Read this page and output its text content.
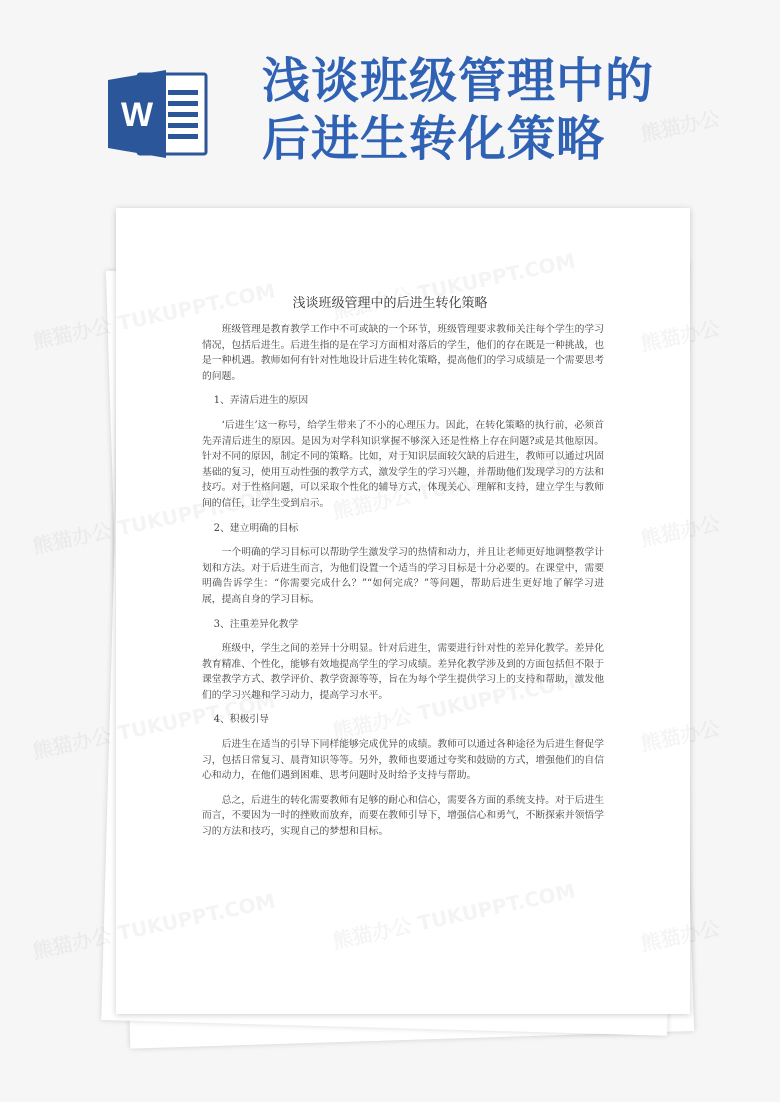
W
浅谈班级管理中的
后进生转化策略
浅谈班级管理中的后进生转化策略

班级管理是教育教学工作中不可或缺的一个环节，班级管理要求教师关注每个学生的学习情况，包括后进生。后进生指的是在学习方面相对落后的学生，他们的存在既是一种挑战，也是一种机遇。教师如何有针对性地设计后进生转化策略，提高他们的学习成绩是一个需要思考的问题。

1、弄清后进生的原因

‘后进生’这一称号，给学生带来了不小的心理压力。因此，在转化策略的执行前，必须首先弄清后进生的原因。是因为对学科知识掌握不够深入还是性格上存在问题?或是其他原因。针对不同的原因，制定不同的策略。比如，对于知识层面较欠缺的后进生，教师可以通过巩固基础的复习，使用互动性强的教学方式，激发学生的学习兴趣，并帮助他们发现学习的方法和技巧。对于性格问题，可以采取个性化的辅导方式，体现关心、理解和支持，建立学生与教师间的信任，让学生受到启示。

2、建立明确的目标

一个明确的学习目标可以帮助学生激发学习的热情和动力，并且让老师更好地调整教学计划和方法。对于后进生而言，为他们设置一个适当的学习目标是十分必要的。在课堂中，需要明确告诉学生：“你需要完成什么？”“如何完成？”等问题，帮助后进生更好地了解学习进展，提高自身的学习目标。

3、注重差异化教学

班级中，学生之间的差异十分明显。针对后进生，需要进行针对性的差异化教学。差异化教育精准、个性化，能够有效地提高学生的学习成绩。差异化教学涉及到的方面包括但不限于课堂教学方式、教学评价、教学资源等等，旨在为每个学生提供学习上的支持和帮助，激发他们的学习兴趣和学习动力，提高学习水平。

4、积极引导

后进生在适当的引导下同样能够完成优异的成绩。教师可以通过各种途径为后进生督促学习，包括日常复习、晨背知识等等。另外，教师也要通过夸奖和鼓励的方式，增强他们的自信心和动力，在他们遇到困难、思考问题时及时给予支持与帮助。

总之，后进生的转化需要教师有足够的耐心和信心，需要各方面的系统支持。对于后进生而言，不要因为一时的挫败而放弃，而要在教师引导下，增强信心和勇气，不断探索并领悟学习的方法和技巧，实现自己的梦想和目标。
